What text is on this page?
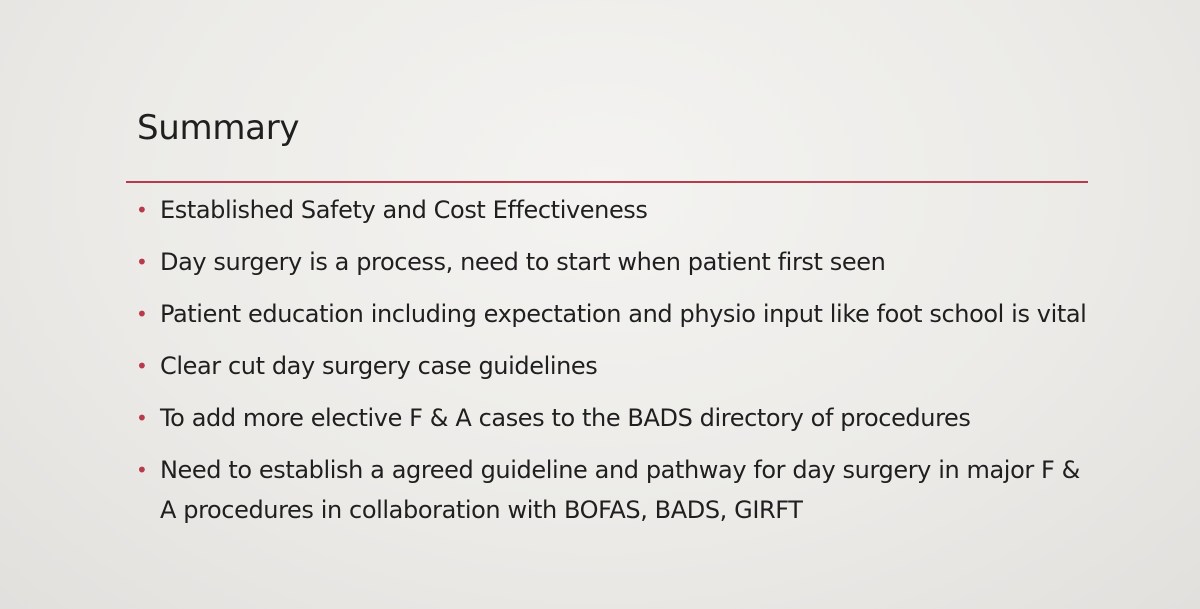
Summary
• Established Safety and Cost Effectiveness
• Day surgery is a process, need to start when patient first seen
• Patient education including expectation and physio input like foot school is vital
• Clear cut day surgery case guidelines
• To add more elective F & A cases to the BADS directory of procedures
• Need to establish a agreed guideline and pathway for day surgery in major F & A procedures in collaboration with BOFAS, BADS, GIRFT
